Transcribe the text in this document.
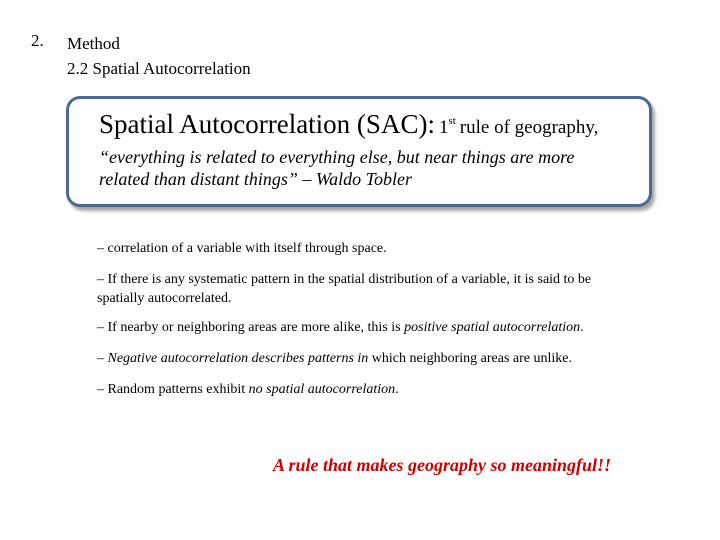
2. Method
2.2 Spatial Autocorrelation
Spatial Autocorrelation (SAC): 1st rule of geography,
“everything is related to everything else, but near things are more
related than distant things” – Waldo Tobler
– correlation of a variable with itself through space.
– If there is any systematic pattern in the spatial distribution of a variable, it is said to be spatially autocorrelated.
– If nearby or neighboring areas are more alike, this is positive spatial autocorrelation.
– Negative autocorrelation describes patterns in which neighboring areas are unlike.
– Random patterns exhibit no spatial autocorrelation.
A rule that makes geography so meaningful!!
